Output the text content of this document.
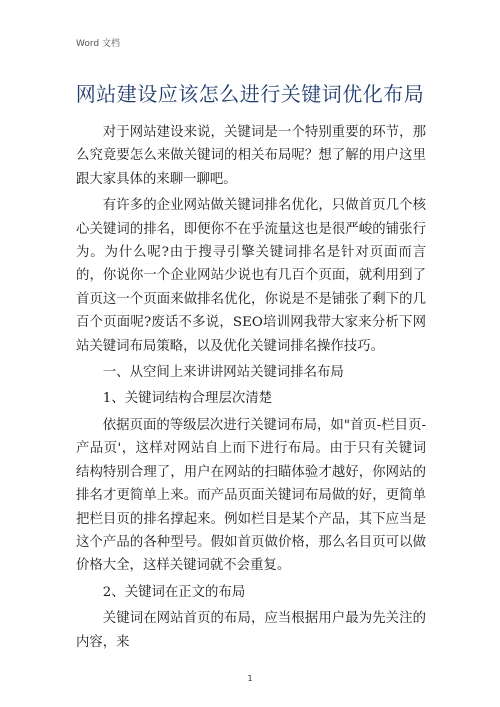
Word 文档
网站建设应该怎么进行关键词优化布局

对于网站建设来说，关键词是一个特别重要的环节，那么究竟要怎么来做关键词的相关布局呢？想了解的用户这里跟大家具体的来聊一聊吧。

有许多的企业网站做关键词排名优化，只做首页几个核心关键词的排名，即便你不在乎流量这也是很严峻的铺张行为。为什么呢?由于搜寻引擎关键词排名是针对页面而言的，你说你一个企业网站少说也有几百个页面，就利用到了首页这一个页面来做排名优化，你说是不是铺张了剩下的几百个页面呢?废话不多说，SEO培训网我带大家来分析下网站关键词布局策略，以及优化关键词排名操作技巧。

一、从空间上来讲讲网站关键词排名布局

1、关键词结构合理层次清楚

依据页面的等级层次进行关键词布局，如"首页-栏目页-产品页'，这样对网站自上而下进行布局。由于只有关键词结构特别合理了，用户在网站的扫瞄体验才越好，你网站的排名才更简单上来。而产品页面关键词布局做的好，更简单把栏目页的排名撑起来。例如栏目是某个产品，其下应当是这个产品的各种型号。假如首页做价格，那么名目页可以做价格大全，这样关键词就不会重复。

2、关键词在正文的布局

关键词在网站首页的布局，应当根据用户最为先关注的内容，来

1
